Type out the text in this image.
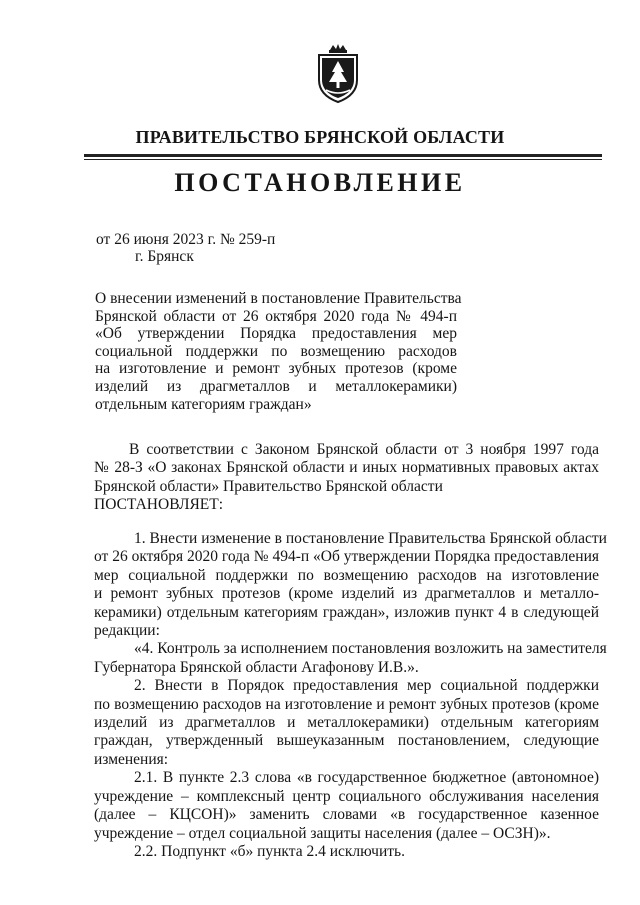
ПРАВИТЕЛЬСТВО БРЯНСКОЙ ОБЛАСТИ
ПОСТАНОВЛЕНИЕ
от 26 июня 2023 г. № 259-п
г. Брянск
О внесении изменений в постановление Правительства
Брянской области от 26 октября 2020 года № 494-п
«Об утверждении Порядка предоставления мер
социальной поддержки по возмещению расходов
на изготовление и ремонт зубных протезов (кроме
изделий из драгметаллов и металлокерамики)
отдельным категориям граждан»
В соответствии с Законом Брянской области от 3 ноября 1997 года
№ 28-З «О законах Брянской области и иных нормативных правовых актах
Брянской области» Правительство Брянской области
ПОСТАНОВЛЯЕТ:
1. Внести изменение в постановление Правительства Брянской области
от 26 октября 2020 года № 494-п «Об утверждении Порядка предоставления
мер социальной поддержки по возмещению расходов на изготовление
и ремонт зубных протезов (кроме изделий из драгметаллов и металло-
керамики) отдельным категориям граждан», изложив пункт 4 в следующей
редакции:
«4. Контроль за исполнением постановления возложить на заместителя
Губернатора Брянской области Агафонову И.В.».
2. Внести в Порядок предоставления мер социальной поддержки
по возмещению расходов на изготовление и ремонт зубных протезов (кроме
изделий из драгметаллов и металлокерамики) отдельным категориям
граждан, утвержденный вышеуказанным постановлением, следующие
изменения:
2.1. В пункте 2.3 слова «в государственное бюджетное (автономное)
учреждение – комплексный центр социального обслуживания населения
(далее – КЦСОН)» заменить словами «в государственное казенное
учреждение – отдел социальной защиты населения (далее – ОСЗН)».
2.2. Подпункт «б» пункта 2.4 исключить.
